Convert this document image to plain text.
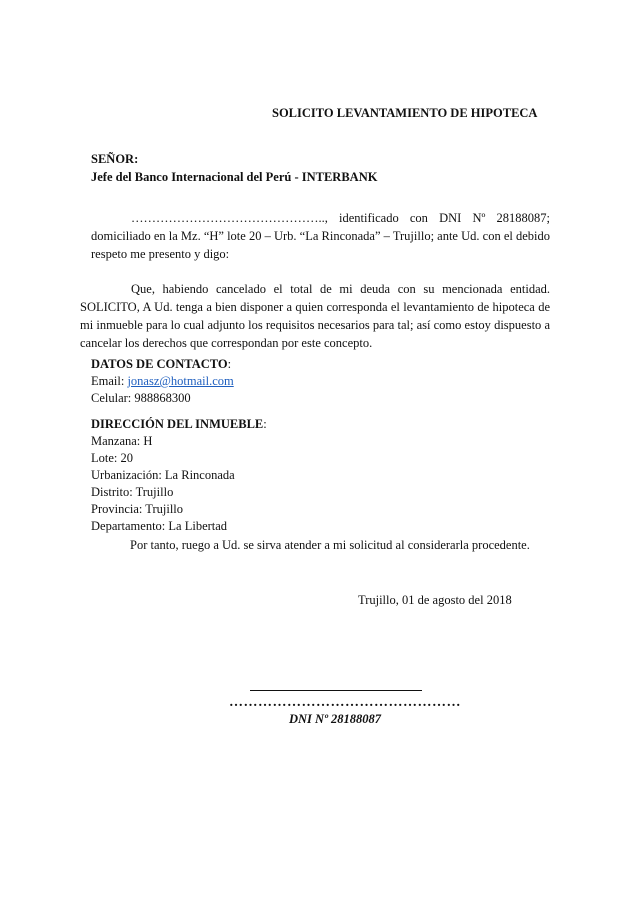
SOLICITO LEVANTAMIENTO DE HIPOTECA
SEÑOR:
Jefe del Banco Internacional del Perú - INTERBANK
……………………………………….., identificado con DNI Nº 28188087; domiciliado en la Mz. “H” lote 20 – Urb. “La Rinconada” – Trujillo; ante Ud. con el debido respeto me presento y digo:
Que, habiendo cancelado el total de mi deuda con su mencionada entidad. SOLICITO, A Ud. tenga a bien disponer a quien corresponda el levantamiento de hipoteca de mi inmueble para lo cual adjunto los requisitos necesarios para tal; así como estoy dispuesto a cancelar los derechos que correspondan por este concepto.
DATOS DE CONTACTO:
Email: jonasz@hotmail.com
Celular: 988868300
DIRECCIÓN DEL INMUEBLE:
Manzana: H
Lote: 20
Urbanización: La Rinconada
Distrito: Trujillo
Provincia: Trujillo
Departamento: La Libertad
Por tanto, ruego a Ud. se sirva atender a mi solicitud al considerarla procedente.
Trujillo, 01 de agosto del 2018
…………………………………………
DNI Nº 28188087
